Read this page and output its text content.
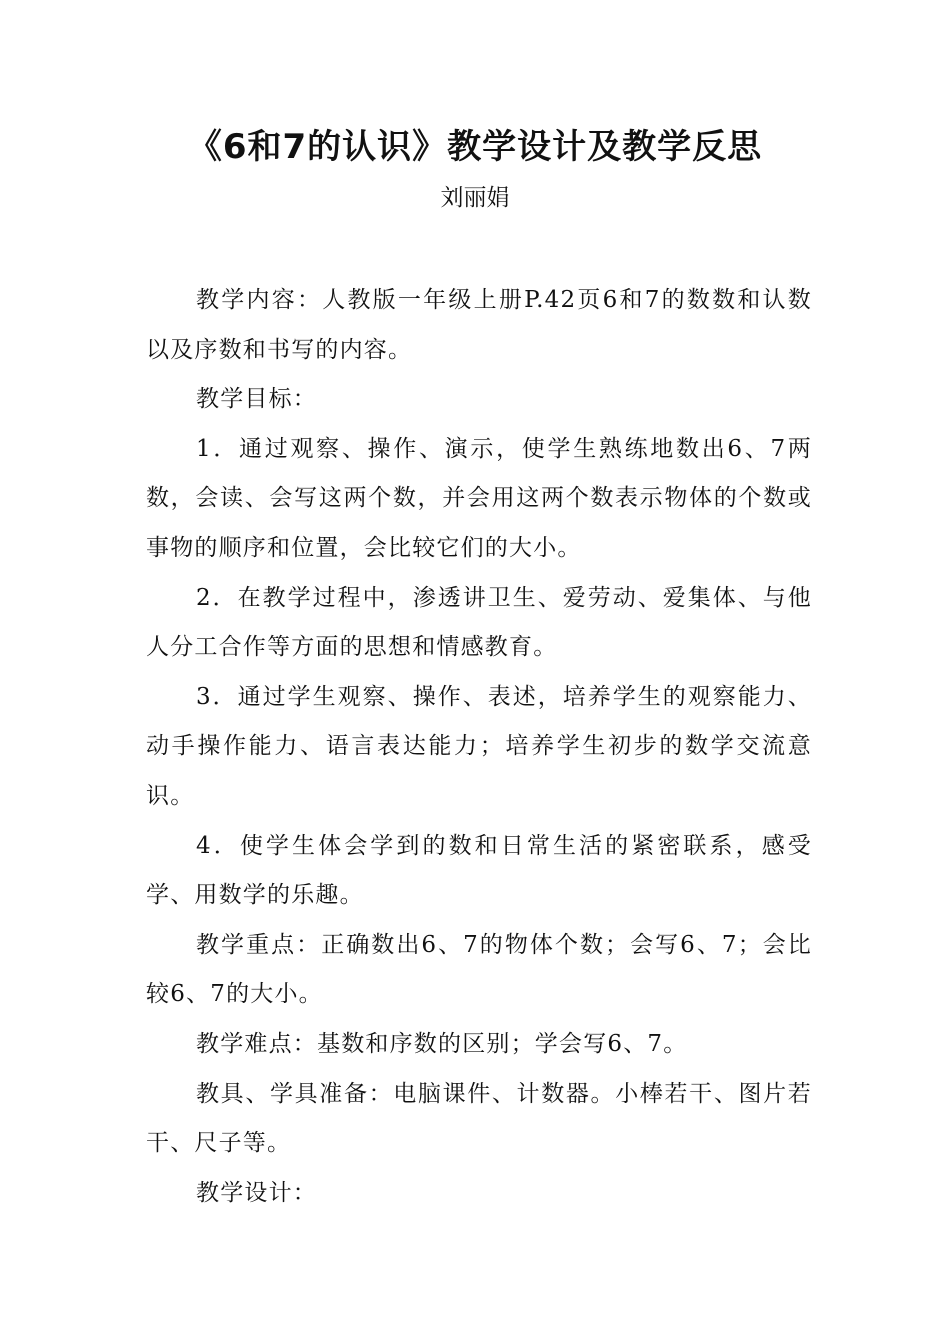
《6和7的认识》教学设计及教学反思
刘丽娟

教学内容：人教版一年级上册P.42页6和7的数数和认数以及序数和书写的内容。

教学目标：

1．通过观察、操作、演示，使学生熟练地数出6、7两数，会读、会写这两个数，并会用这两个数表示物体的个数或事物的顺序和位置，会比较它们的大小。

2．在教学过程中，渗透讲卫生、爱劳动、爱集体、与他人分工合作等方面的思想和情感教育。

3．通过学生观察、操作、表述，培养学生的观察能力、动手操作能力、语言表达能力；培养学生初步的数学交流意识。

4．使学生体会学到的数和日常生活的紧密联系，感受学、用数学的乐趣。

教学重点：正确数出6、7的物体个数；会写6、7；会比较6、7的大小。

教学难点：基数和序数的区别；学会写6、7。

教具、学具准备：电脑课件、计数器。小棒若干、图片若干、尺子等。

教学设计：
